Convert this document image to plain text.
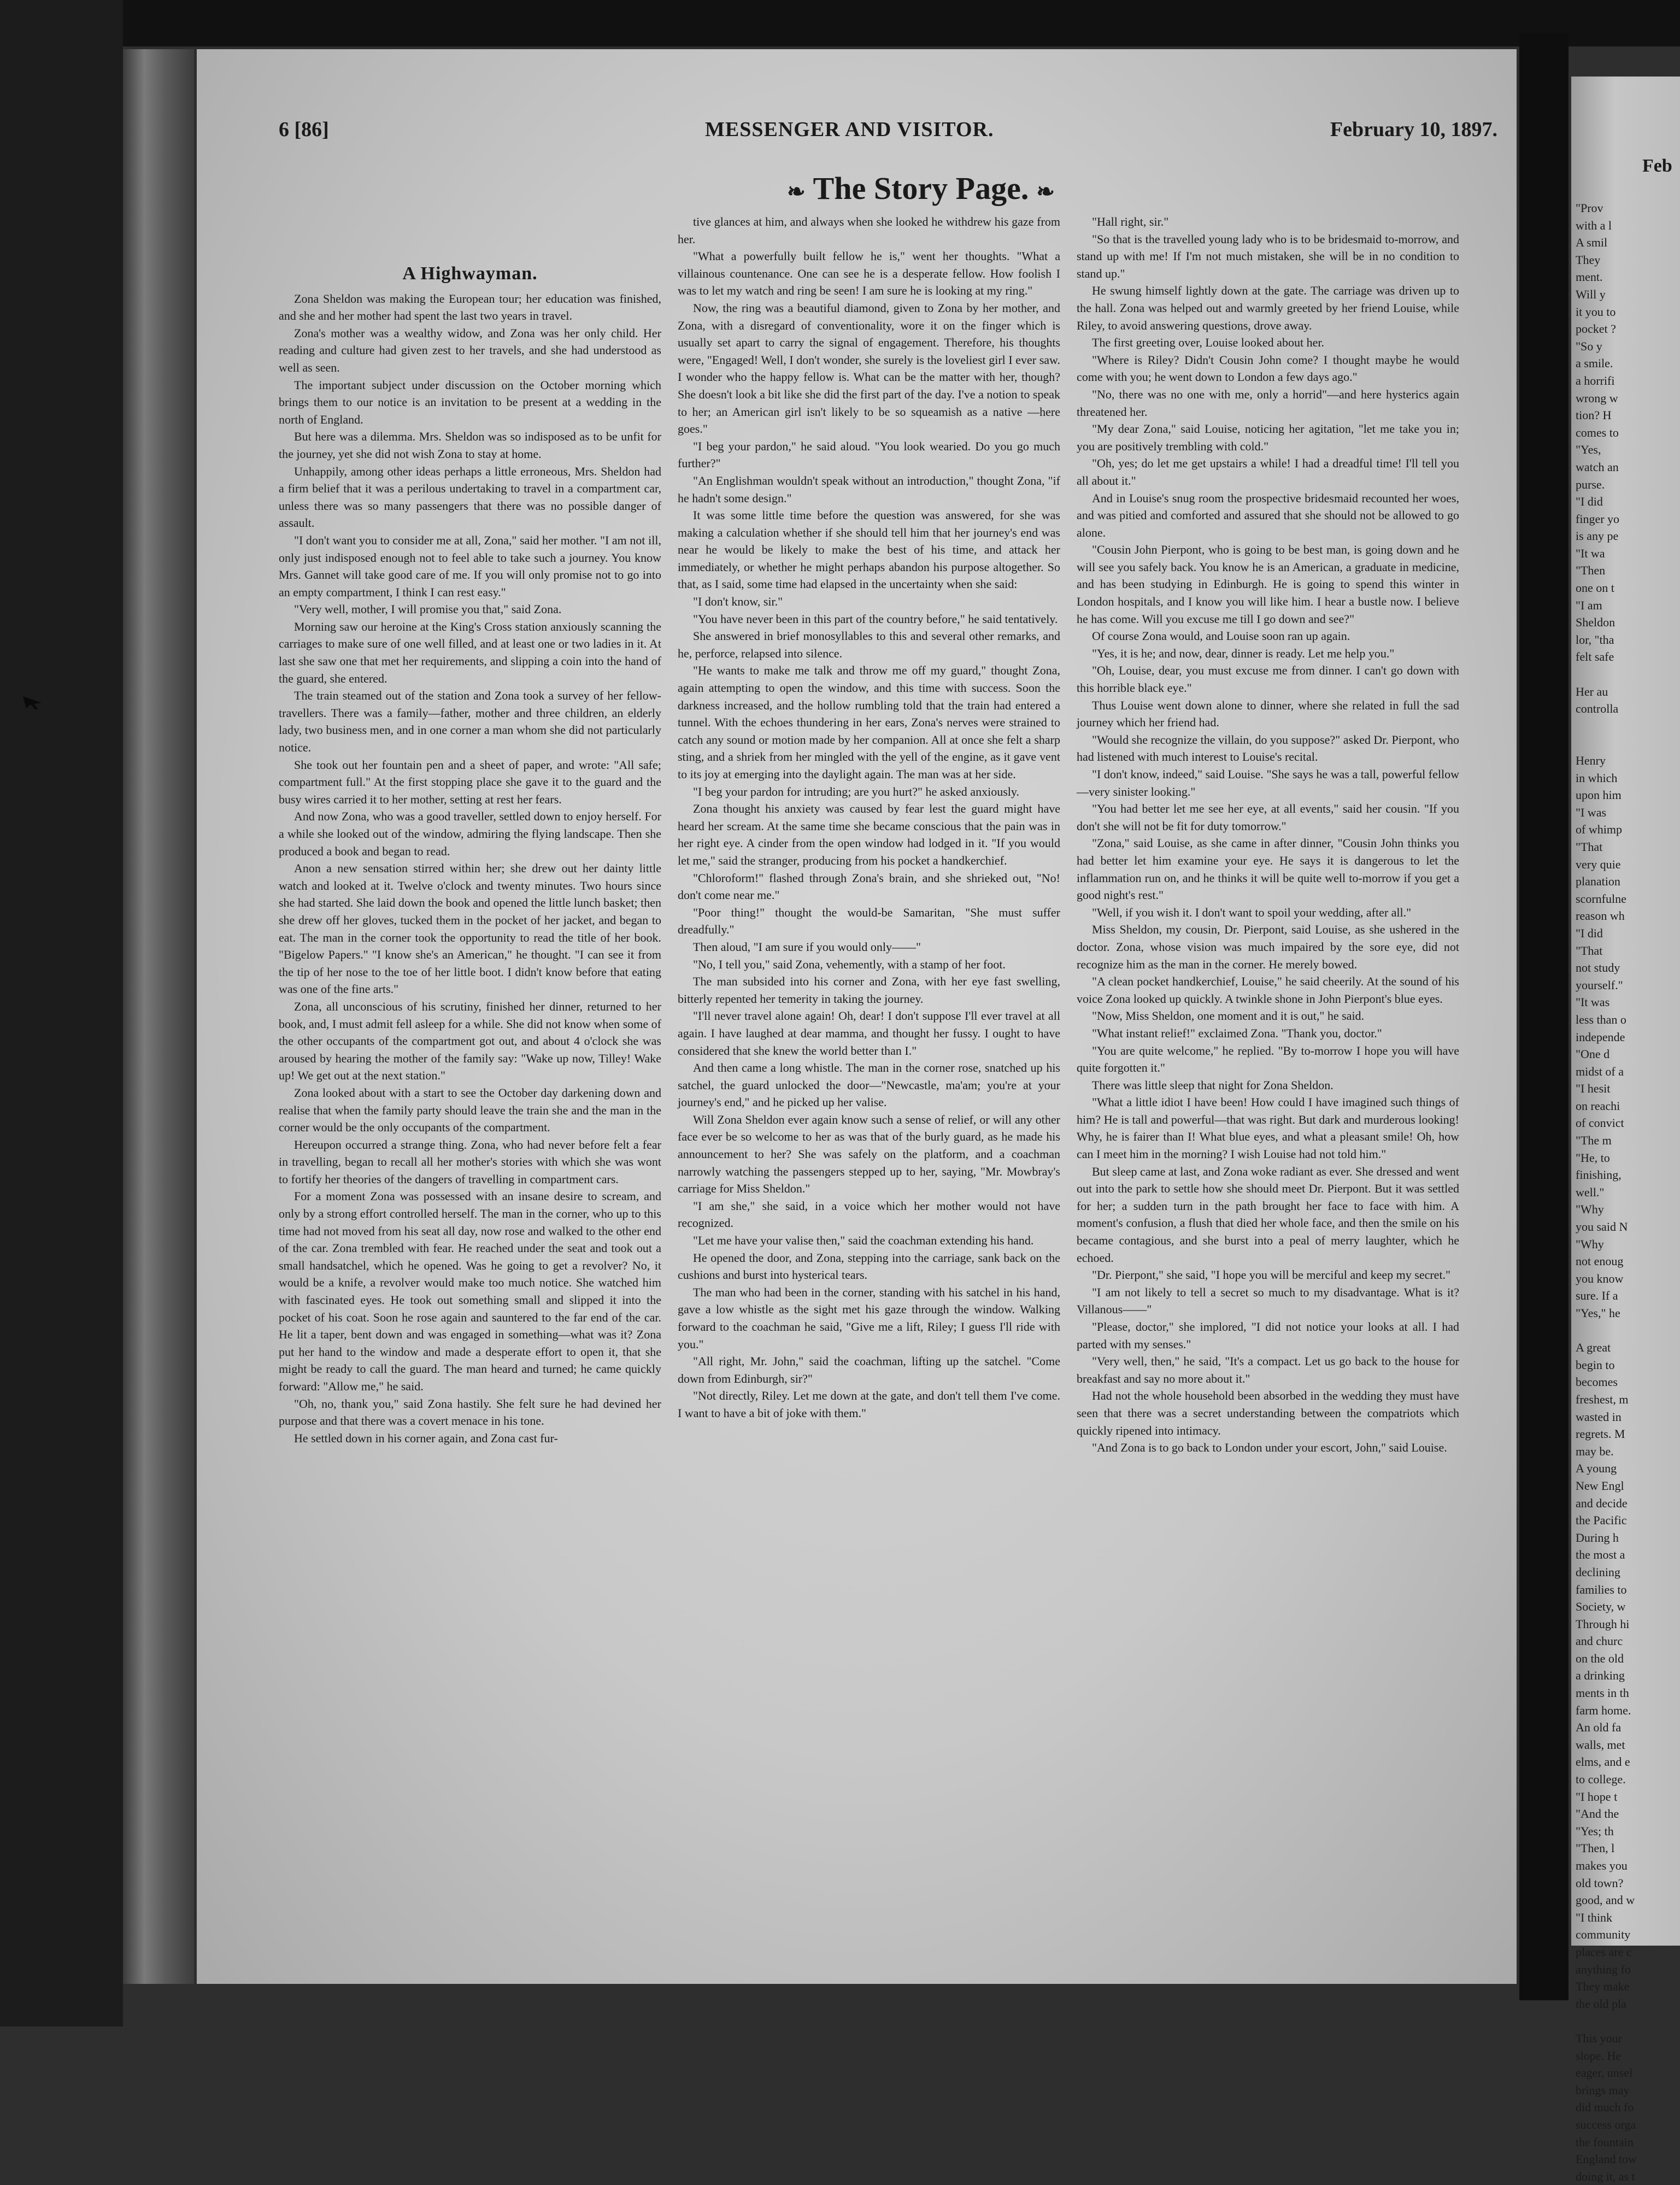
6 [86]	MESSENGER AND VISITOR.	February 10, 1897.
❧ The Story Page. ❧
A Highwayman.

Zona Sheldon was making the European tour; her education was finished, and she and her mother had spent the last two years in travel.

Zona's mother was a wealthy widow, and Zona was her only child. Her reading and culture had given zest to her travels, and she had understood as well as seen.

The important subject under discussion on the October morning which brings them to our notice is an invitation to be present at a wedding in the north of England.

But here was a dilemma. Mrs. Sheldon was so indisposed as to be unfit for the journey, yet she did not wish Zona to stay at home.

Unhappily, among other ideas perhaps a little erroneous, Mrs. Sheldon had a firm belief that it was a perilous undertaking to travel in a compartment car, unless there was so many passengers that there was no possible danger of assault.

"I don't want you to consider me at all, Zona," said her mother. "I am not ill, only just indisposed enough not to feel able to take such a journey. You know Mrs. Gannet will take good care of me. If you will only promise not to go into an empty compartment, I think I can rest easy."

"Very well, mother, I will promise you that," said Zona.

Morning saw our heroine at the King's Cross station anxiously scanning the carriages to make sure of one well filled, and at least one or two ladies in it. At last she saw one that met her requirements, and slipping a coin into the hand of the guard, she entered.

The train steamed out of the station and Zona took a survey of her fellow-travellers. There was a family—father, mother and three children, an elderly lady, two business men, and in one corner a man whom she did not particularly notice.

She took out her fountain pen and a sheet of paper, and wrote: "All safe; compartment full." At the first stopping place she gave it to the guard and the busy wires carried it to her mother, setting at rest her fears.

And now Zona, who was a good traveller, settled down to enjoy herself. For a while she looked out of the window, admiring the flying landscape. Then she produced a book and began to read.

Anon a new sensation stirred within her; she drew out her dainty little watch and looked at it. Twelve o'clock and twenty minutes. Two hours since she had started. She laid down the book and opened the little lunch basket; then she drew off her gloves, tucked them in the pocket of her jacket, and began to eat. The man in the corner took the opportunity to read the title of her book. "Bigelow Papers." "I know she's an American," he thought. "I can see it from the tip of her nose to the toe of her little boot. I didn't know before that eating was one of the fine arts."

Zona, all unconscious of his scrutiny, finished her dinner, returned to her book, and, I must admit fell asleep for a while. She did not know when some of the other occupants of the compartment got out, and about 4 o'clock she was aroused by hearing the mother of the family say: "Wake up now, Tilley! Wake up! We get out at the next station."

Zona looked about with a start to see the October day darkening down and realise that when the family party should leave the train she and the man in the corner would be the only occupants of the compartment.

Hereupon occurred a strange thing. Zona, who had never before felt a fear in travelling, began to recall all her mother's stories with which she was wont to fortify her theories of the dangers of travelling in compartment cars.

For a moment Zona was possessed with an insane desire to scream, and only by a strong effort controlled herself. The man in the corner, who up to this time had not moved from his seat all day, now rose and walked to the other end of the car. Zona trembled with fear. He reached under the seat and took out a small handsatchel, which he opened. Was he going to get a revolver? No, it would be a knife, a revolver would make too much notice. She watched him with fascinated eyes. He took out something small and slipped it into the pocket of his coat. Soon he rose again and sauntered to the far end of the car. He lit a taper, bent down and was engaged in something—what was it? Zona put her hand to the window and made a desperate effort to open it, that she might be ready to call the guard. The man heard and turned; he came quickly forward: "Allow me," he said.

"Oh, no, thank you," said Zona hastily. She felt sure he had devined her purpose and that there was a covert menace in his tone.

He settled down in his corner again, and Zona cast fur-

tive glances at him, and always when she looked he withdrew his gaze from her.

"What a powerfully built fellow he is," went her thoughts. "What a villainous countenance. One can see he is a desperate fellow. How foolish I was to let my watch and ring be seen! I am sure he is looking at my ring."

Now, the ring was a beautiful diamond, given to Zona by her mother, and Zona, with a disregard of conventionality, wore it on the finger which is usually set apart to carry the signal of engagement. Therefore, his thoughts were, "Engaged! Well, I don't wonder, she surely is the loveliest girl I ever saw. I wonder who the happy fellow is. What can be the matter with her, though? She doesn't look a bit like she did the first part of the day. I've a notion to speak to her; an American girl isn't likely to be so squeamish as a native —here goes."

"I beg your pardon," he said aloud. "You look wearied. Do you go much further?"

"An Englishman wouldn't speak without an introduction," thought Zona, "if he hadn't some design."

It was some little time before the question was answered, for she was making a calculation whether if she should tell him that her journey's end was near he would be likely to make the best of his time, and attack her immediately, or whether he might perhaps abandon his purpose altogether. So that, as I said, some time had elapsed in the uncertainty when she said:

"I don't know, sir."

"You have never been in this part of the country before," he said tentatively.

She answered in brief monosyllables to this and several other remarks, and he, perforce, relapsed into silence.

"He wants to make me talk and throw me off my guard," thought Zona, again attempting to open the window, and this time with success. Soon the darkness increased, and the hollow rumbling told that the train had entered a tunnel. With the echoes thundering in her ears, Zona's nerves were strained to catch any sound or motion made by her companion. All at once she felt a sharp sting, and a shriek from her mingled with the yell of the engine, as it gave vent to its joy at emerging into the daylight again. The man was at her side.

"I beg your pardon for intruding; are you hurt?" he asked anxiously.

Zona thought his anxiety was caused by fear lest the guard might have heard her scream. At the same time she became conscious that the pain was in her right eye. A cinder from the open window had lodged in it. "If you would let me," said the stranger, producing from his pocket a handkerchief.

"Chloroform!" flashed through Zona's brain, and she shrieked out, "No! don't come near me."

"Poor thing!" thought the would-be Samaritan, "She must suffer dreadfully."

Then aloud, "I am sure if you would only——"

"No, I tell you," said Zona, vehemently, with a stamp of her foot.

The man subsided into his corner and Zona, with her eye fast swelling, bitterly repented her temerity in taking the journey.

"I'll never travel alone again! Oh, dear! I don't suppose I'll ever travel at all again. I have laughed at dear mamma, and thought her fussy. I ought to have considered that she knew the world better than I."

And then came a long whistle. The man in the corner rose, snatched up his satchel, the guard unlocked the door—"Newcastle, ma'am; you're at your journey's end," and he picked up her valise.

Will Zona Sheldon ever again know such a sense of relief, or will any other face ever be so welcome to her as was that of the burly guard, as he made his announcement to her? She was safely on the platform, and a coachman narrowly watching the passengers stepped up to her, saying, "Mr. Mowbray's carriage for Miss Sheldon."

"I am she," she said, in a voice which her mother would not have recognized.

"Let me have your valise then," said the coachman extending his hand.

He opened the door, and Zona, stepping into the carriage, sank back on the cushions and burst into hysterical tears.

The man who had been in the corner, standing with his satchel in his hand, gave a low whistle as the sight met his gaze through the window. Walking forward to the coachman he said, "Give me a lift, Riley; I guess I'll ride with you."

"All right, Mr. John," said the coachman, lifting up the satchel. "Come down from Edinburgh, sir?"

"Not directly, Riley. Let me down at the gate, and don't tell them I've come. I want to have a bit of joke with them."

"Hall right, sir."

"So that is the travelled young lady who is to be bridesmaid to-morrow, and stand up with me! If I'm not much mistaken, she will be in no condition to stand up."

He swung himself lightly down at the gate. The carriage was driven up to the hall. Zona was helped out and warmly greeted by her friend Louise, while Riley, to avoid answering questions, drove away.

The first greeting over, Louise looked about her.

"Where is Riley? Didn't Cousin John come? I thought maybe he would come with you; he went down to London a few days ago."

"No, there was no one with me, only a horrid"—and here hysterics again threatened her.

"My dear Zona," said Louise, noticing her agitation, "let me take you in; you are positively trembling with cold."

"Oh, yes; do let me get upstairs a while! I had a dreadful time! I'll tell you all about it."

And in Louise's snug room the prospective bridesmaid recounted her woes, and was pitied and comforted and assured that she should not be allowed to go alone.

"Cousin John Pierpont, who is going to be best man, is going down and he will see you safely back. You know he is an American, a graduate in medicine, and has been studying in Edinburgh. He is going to spend this winter in London hospitals, and I know you will like him. I hear a bustle now. I believe he has come. Will you excuse me till I go down and see?"

Of course Zona would, and Louise soon ran up again.

"Yes, it is he; and now, dear, dinner is ready. Let me help you."

"Oh, Louise, dear, you must excuse me from dinner. I can't go down with this horrible black eye."

Thus Louise went down alone to dinner, where she related in full the sad journey which her friend had.

"Would she recognize the villain, do you suppose?" asked Dr. Pierpont, who had listened with much interest to Louise's recital.

"I don't know, indeed," said Louise. "She says he was a tall, powerful fellow—very sinister looking."

"You had better let me see her eye, at all events," said her cousin. "If you don't she will not be fit for duty tomorrow."

"Zona," said Louise, as she came in after dinner, "Cousin John thinks you had better let him examine your eye. He says it is dangerous to let the inflammation run on, and he thinks it will be quite well to-morrow if you get a good night's rest."

"Well, if you wish it. I don't want to spoil your wedding, after all."

Miss Sheldon, my cousin, Dr. Pierpont, said Louise, as she ushered in the doctor. Zona, whose vision was much impaired by the sore eye, did not recognize him as the man in the corner. He merely bowed.

"A clean pocket handkerchief, Louise," he said cheerily. At the sound of his voice Zona looked up quickly. A twinkle shone in John Pierpont's blue eyes.

"Now, Miss Sheldon, one moment and it is out," he said.

"What instant relief!" exclaimed Zona. "Thank you, doctor."

"You are quite welcome," he replied. "By to-morrow I hope you will have quite forgotten it."

There was little sleep that night for Zona Sheldon.

"What a little idiot I have been! How could I have imagined such things of him? He is tall and powerful—that was right. But dark and murderous looking! Why, he is fairer than I! What blue eyes, and what a pleasant smile! Oh, how can I meet him in the morning? I wish Louise had not told him."

But sleep came at last, and Zona woke radiant as ever. She dressed and went out into the park to settle how she should meet Dr. Pierpont. But it was settled for her; a sudden turn in the path brought her face to face with him. A moment's confusion, a flush that died her whole face, and then the smile on his became contagious, and she burst into a peal of merry laughter, which he echoed.

"Dr. Pierpont," she said, "I hope you will be merciful and keep my secret."

"I am not likely to tell a secret so much to my disadvantage. What is it? Villanous——"

"Please, doctor," she implored, "I did not notice your looks at all. I had parted with my senses."

"Very well, then," he said, "It's a compact. Let us go back to the house for breakfast and say no more about it."

Had not the whole household been absorbed in the wedding they must have seen that there was a secret understanding between the compatriots which quickly ripened into intimacy.

"And Zona is to go back to London under your escort, John," said Louise.

Feb

"Prov

with a l

A smil

They

ment.

Will y

it you to

pocket ?

"So y

a smile.

a horrifi

wrong w

tion? H

comes to

"Yes,

watch an

purse.

"I did

finger yo

is any pe

"It wa

"Then

one on t

"I am

Sheldon

lor, "tha

felt safe

Her au

controlla

Henry

in which

upon him

"I was

of whimp

"That

very quie

planation

scornfulne

reason wh

"I did

"That

not study

yourself."

"It was

less than o

independe

"One d

midst of a

"I hesit

on reachi

of convict

"The m

"He, to

finishing,

well."

"Why

you said N

"Why

not enoug

you know

sure. If a

"Yes," he

A great

begin to

becomes

freshest, m

wasted in

regrets. M

may be.

A young

New Engl

and decide

the Pacific

During h

the most a

declining

families to

Society, w

Through hi

and churc

on the old

a drinking

ments in th

farm home.

An old fa

walls, met

elms, and e

to college.

"I hope t

"And the

"Yes; th

"Then, l

makes you

old town?

good, and w

"I think

community

places are c

anything fo

They make

the old pla

This your

slope. He

eager, unsel

brings may

did much fo

success orga

the fountain

England tow

doing it, as t
